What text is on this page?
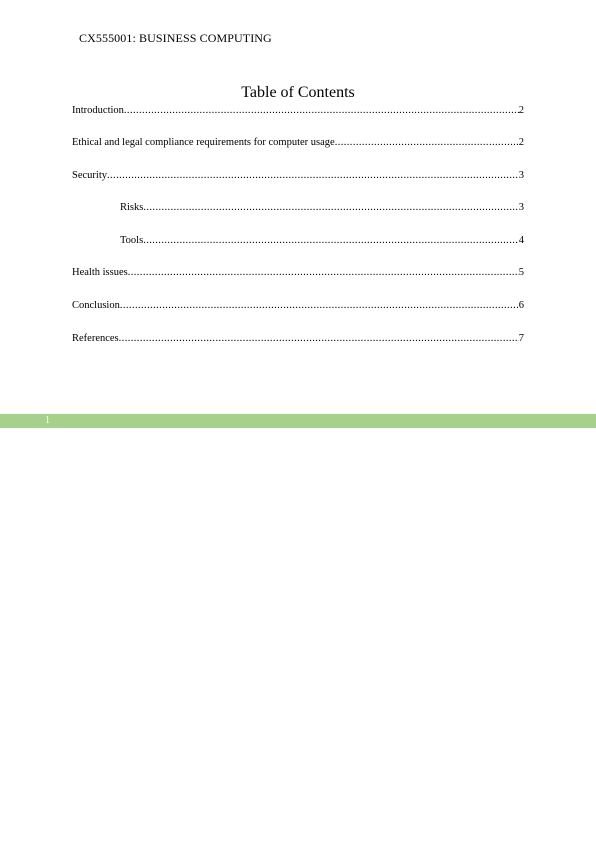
CX555001: BUSINESS COMPUTING
Table of Contents
Introduction .....	2
Ethical and legal compliance requirements for computer usage .....	2
Security .....	3
Risks .....	3
Tools .....	4
Health issues .....	5
Conclusion .....	6
References .....	7
1
